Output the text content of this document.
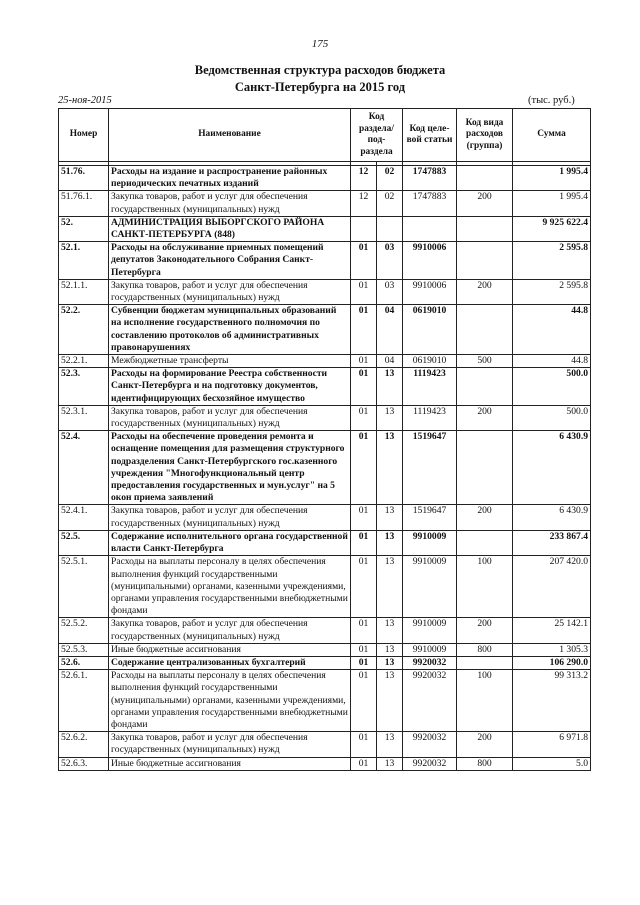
175
Ведомственная структура расходов бюджета
Санкт-Петербурга на 2015 год
25-ноя-2015	(тыс. руб.)
Номер	Наименование	Код раздела/ под-раздела		Код целе-вой статьи	Код вида расходов (группа)	Сумма

51.76.	Расходы на издание и распространение районных периодических печатных изданий	12	02	1747883		1 995.4
51.76.1.	Закупка товаров, работ и услуг для обеспечения государственных (муниципальных) нужд	12	02	1747883	200	1 995.4
52.	АДМИНИСТРАЦИЯ ВЫБОРГСКОГО РАЙОНА САНКТ-ПЕТЕРБУРГА (848)					9 925 622.4
52.1.	Расходы на обслуживание приемных помещений депутатов Законодательного Собрания Санкт-Петербурга	01	03	9910006		2 595.8
52.1.1.	Закупка товаров, работ и услуг для обеспечения государственных (муниципальных) нужд	01	03	9910006	200	2 595.8
52.2.	Субвенции бюджетам муниципальных образований на исполнение государственного полномочия по составлению протоколов об административных правонарушениях	01	04	0619010		44.8
52.2.1.	Межбюджетные трансферты	01	04	0619010	500	44.8
52.3.	Расходы на формирование Реестра собственности Санкт-Петербурга и на подготовку документов, идентифицирующих бесхозяйное имущество	01	13	1119423		500.0
52.3.1.	Закупка товаров, работ и услуг для обеспечения государственных (муниципальных) нужд	01	13	1119423	200	500.0
52.4.	Расходы на обеспечение проведения ремонта и оснащение помещения для размещения структурного подразделения Санкт-Петербургского гос.казенного учреждения "Многофункциональный центр предоставления государственных и мун.услуг" на 5 окон приема заявлений	01	13	1519647		6 430.9
52.4.1.	Закупка товаров, работ и услуг для обеспечения государственных (муниципальных) нужд	01	13	1519647	200	6 430.9
52.5.	Содержание исполнительного органа государственной власти Санкт-Петербурга	01	13	9910009		233 867.4
52.5.1.	Расходы на выплаты персоналу в целях обеспечения выполнения функций государственными (муниципальными) органами, казенными учреждениями, органами управления государственными внебюджетными фондами	01	13	9910009	100	207 420.0
52.5.2.	Закупка товаров, работ и услуг для обеспечения государственных (муниципальных) нужд	01	13	9910009	200	25 142.1
52.5.3.	Иные бюджетные ассигнования	01	13	9910009	800	1 305.3
52.6.	Содержание централизованных бухгалтерий	01	13	9920032		106 290.0
52.6.1.	Расходы на выплаты персоналу в целях обеспечения выполнения функций государственными (муниципальными) органами, казенными учреждениями, органами управления государственными внебюджетными фондами	01	13	9920032	100	99 313.2
52.6.2.	Закупка товаров, работ и услуг для обеспечения государственных (муниципальных) нужд	01	13	9920032	200	6 971.8
52.6.3.	Иные бюджетные ассигнования	01	13	9920032	800	5.0
